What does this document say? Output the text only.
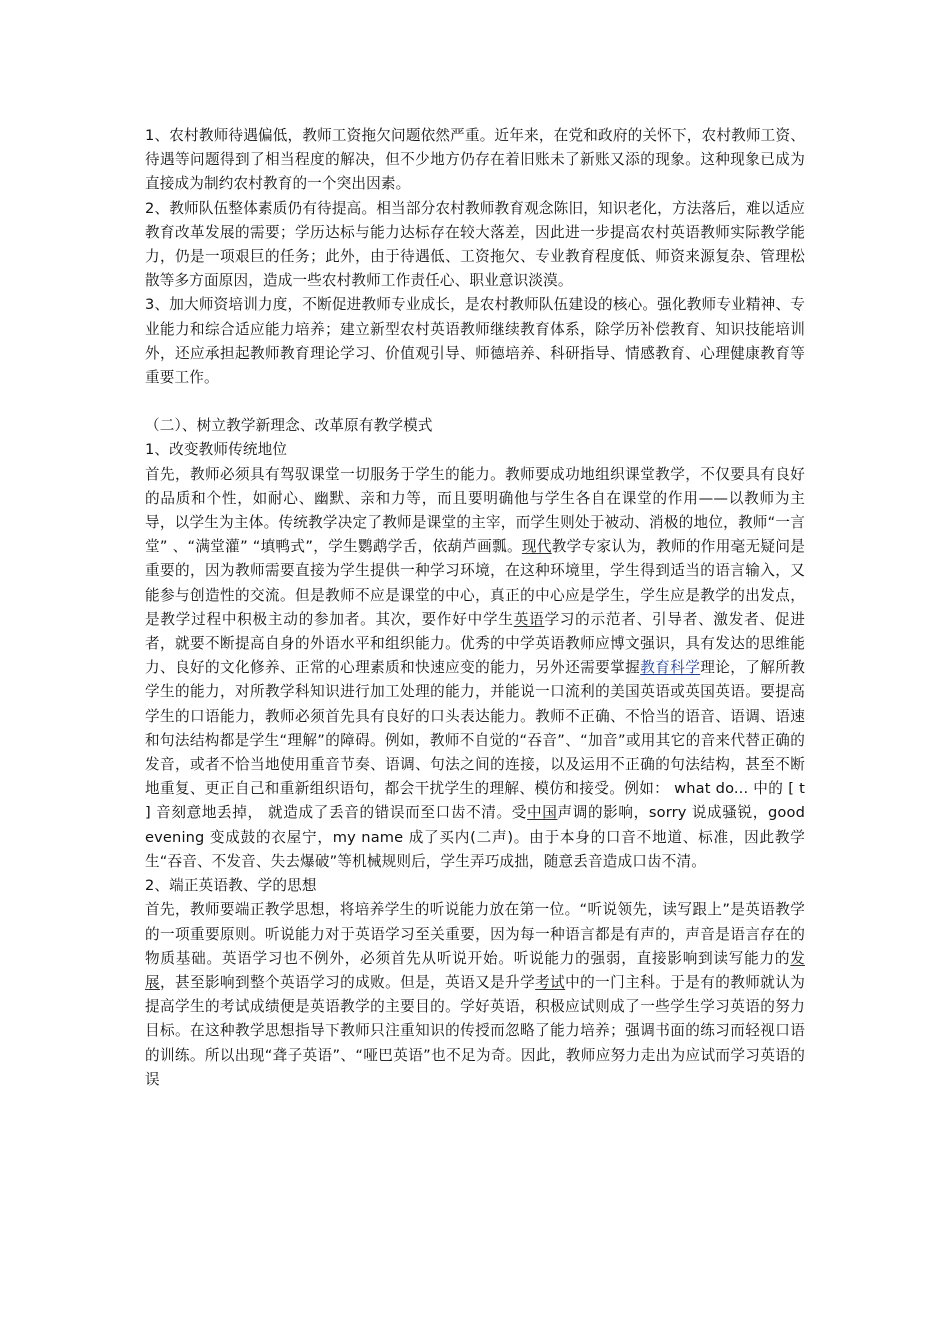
1、农村教师待遇偏低，教师工资拖欠问题依然严重。近年来，在党和政府的关怀下，农村教师工资、待遇等问题得到了相当程度的解决，但不少地方仍存在着旧账未了新账又添的现象。这种现象已成为直接成为制约农村教育的一个突出因素。

2、教师队伍整体素质仍有待提高。相当部分农村教师教育观念陈旧，知识老化，方法落后，难以适应教育改革发展的需要；学历达标与能力达标存在较大落差，因此进一步提高农村英语教师实际教学能力，仍是一项艰巨的任务；此外，由于待遇低、工资拖欠、专业教育程度低、师资来源复杂、管理松散等多方面原因，造成一些农村教师工作责任心、职业意识淡漠。

3、加大师资培训力度，不断促进教师专业成长，是农村教师队伍建设的核心。强化教师专业精神、专业能力和综合适应能力培养；建立新型农村英语教师继续教育体系，除学历补偿教育、知识技能培训外，还应承担起教师教育理论学习、价值观引导、师德培养、科研指导、情感教育、心理健康教育等重要工作。

（二）、树立教学新理念、改革原有教学模式

1、改变教师传统地位

首先，教师必须具有驾驭课堂一切服务于学生的能力。教师要成功地组织课堂教学，不仅要具有良好的品质和个性，如耐心、幽默、亲和力等，而且要明确他与学生各自在课堂的作用——以教师为主导，以学生为主体。传统教学决定了教师是课堂的主宰，而学生则处于被动、消极的地位，教师“一言堂” 、“满堂灌” “填鸭式”，学生鹦鹉学舌，依葫芦画瓢。现代教学专家认为，教师的作用毫无疑问是重要的，因为教师需要直接为学生提供一种学习环境，在这种环境里，学生得到适当的语言输入，又能参与创造性的交流。但是教师不应是课堂的中心，真正的中心应是学生，学生应是教学的出发点，是教学过程中积极主动的参加者。其次，要作好中学生英语学习的示范者、引导者、激发者、促进者，就要不断提高自身的外语水平和组织能力。优秀的中学英语教师应博文强识，具有发达的思维能力、良好的文化修养、正常的心理素质和快速应变的能力，另外还需要掌握教育科学理论，了解所教学生的能力，对所教学科知识进行加工处理的能力，并能说一口流利的美国英语或英国英语。要提高学生的口语能力，教师必须首先具有良好的口头表达能力。教师不正确、不恰当的语音、语调、语速和句法结构都是学生“理解”的障碍。例如，教师不自觉的“吞音”、“加音”或用其它的音来代替正确的发音，或者不恰当地使用重音节奏、语调、句法之间的连接，以及运用不正确的句法结构，甚至不断地重复、更正自己和重新组织语句，都会干扰学生的理解、模仿和接受。例如： what do... 中的 [ t ] 音刻意地丢掉， 就造成了丢音的错误而至口齿不清。受中国声调的影响，sorry 说成骚锐，good evening 变成鼓的衣屋宁，my name 成了买内(二声)。由于本身的口音不地道、标准，因此教学生“吞音、不发音、失去爆破”等机械规则后，学生弄巧成拙，随意丢音造成口齿不清。

2、端正英语教、学的思想

首先，教师要端正教学思想，将培养学生的听说能力放在第一位。“听说领先，读写跟上”是英语教学的一项重要原则。听说能力对于英语学习至关重要，因为每一种语言都是有声的，声音是语言存在的物质基础。英语学习也不例外，必须首先从听说开始。听说能力的强弱，直接影响到读写能力的发展，甚至影响到整个英语学习的成败。但是，英语又是升学考试中的一门主科。于是有的教师就认为提高学生的考试成绩便是英语教学的主要目的。学好英语，积极应试则成了一些学生学习英语的努力目标。在这种教学思想指导下教师只注重知识的传授而忽略了能力培养；强调书面的练习而轻视口语的训练。所以出现“聋子英语”、“哑巴英语”也不足为奇。因此，教师应努力走出为应试而学习英语的误
